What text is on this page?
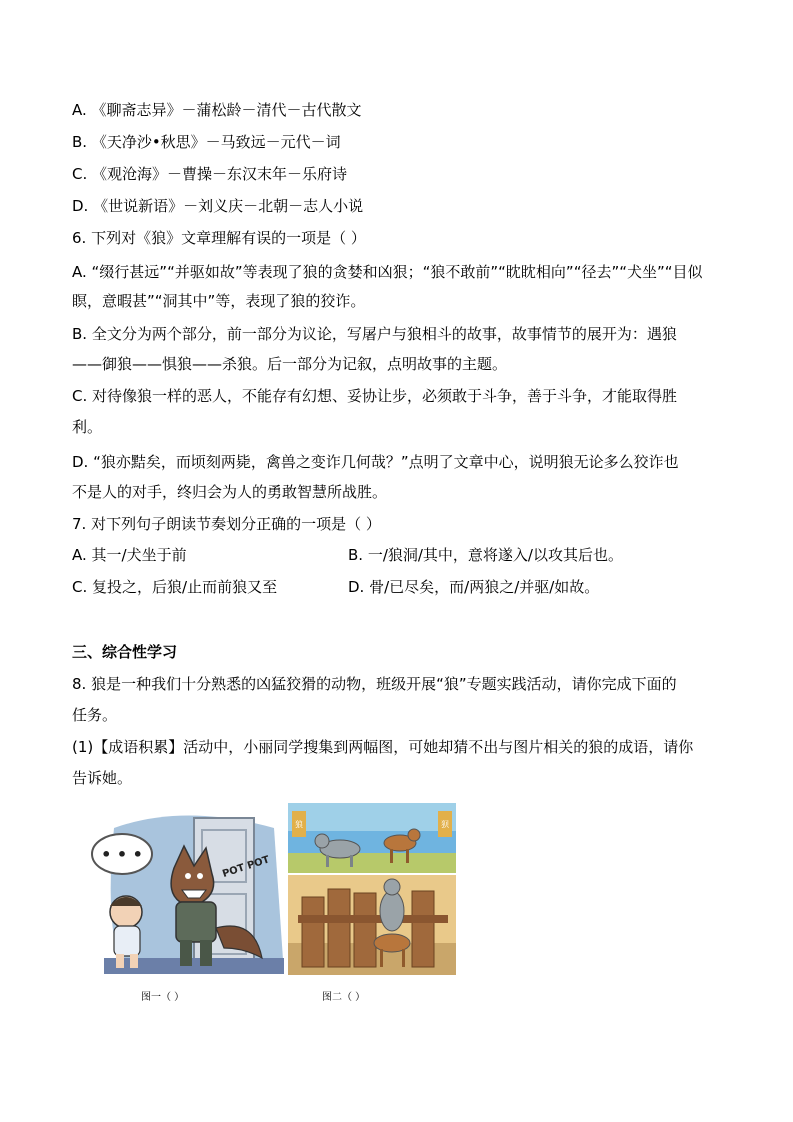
A. 《聊斋志异》－蒲松龄－清代－古代散文
B. 《天净沙•秋思》－马致远－元代－词
C. 《观沧海》－曹操－东汉末年－乐府诗
D. 《世说新语》－刘义庆－北朝－志人小说
6. 下列对《狼》文章理解有误的一项是（ ）
A. “缀行甚远”“并驱如故”等表现了狼的贪婪和凶狠；“狼不敢前”“眈眈相向”“径去”“犬坐”“目似
瞑，意暇甚”“洞其中”等，表现了狼的狡诈。
B. 全文分为两个部分，前一部分为议论，写屠户与狼相斗的故事，故事情节的展开为：遇狼
——御狼——惧狼——杀狼。后一部分为记叙，点明故事的主题。
C. 对待像狼一样的恶人，不能存有幻想、妥协让步，必须敢于斗争，善于斗争，才能取得胜
利。
D. “狼亦黠矣，而顷刻两毙，禽兽之变诈几何哉？”点明了文章中心，说明狼无论多么狡诈也
不是人的对手，终归会为人的勇敢智慧所战胜。
7. 对下列句子朗读节奏划分正确的一项是（ ）
A. 其一/犬坐于前	B. 一/狼洞/其中，意将遂入/以攻其后也。
C. 复投之，后狼/止而前狼又至	D. 骨/已尽矣，而/两狼之/并驱/如故。
三、综合性学习
8. 狼是一种我们十分熟悉的凶猛狡猾的动物，班级开展“狼”专题实践活动，请你完成下面的
任务。
(1)【成语积累】活动中，小丽同学搜集到两幅图，可她却猜不出与图片相关的狼的成语，请你
告诉她。
• • •	POT POT
图一（ ）
狼	狈
图二（ ）
